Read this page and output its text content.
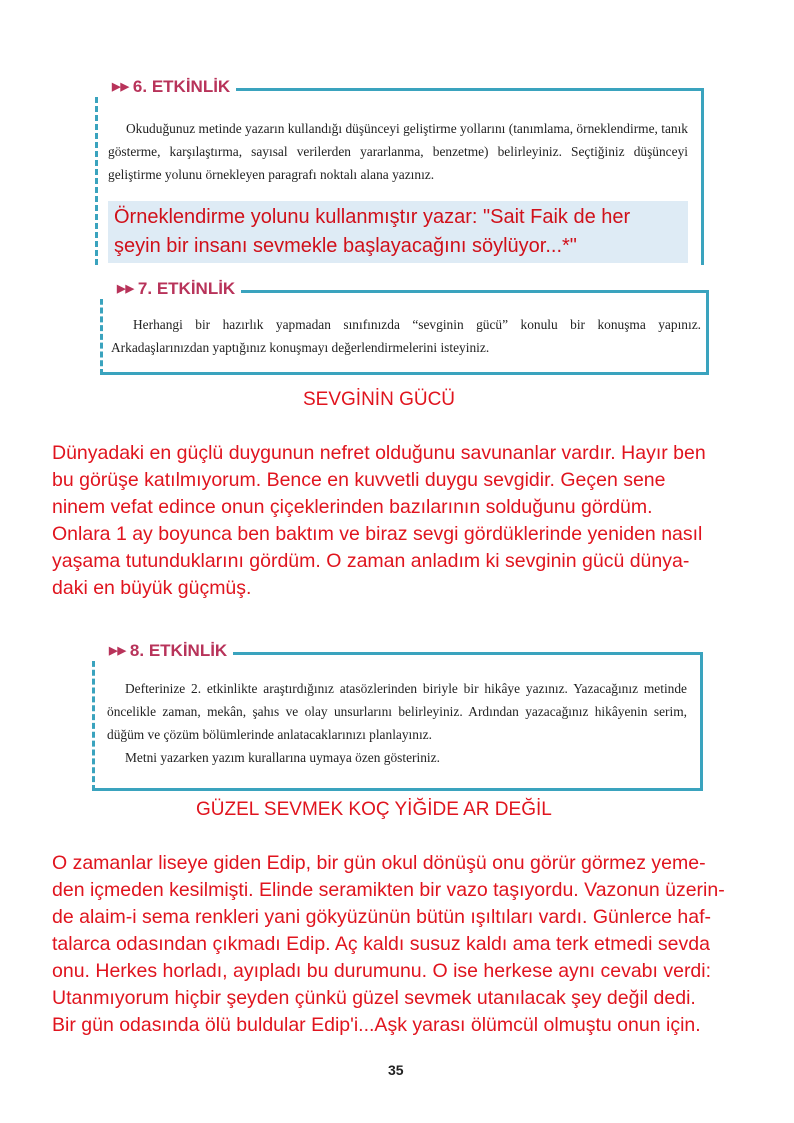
▶▶ 6. ETKİNLİK
Okuduğunuz metinde yazarın kullandığı düşünceyi geliştirme yollarını (tanımlama, örneklendirme, tanık gösterme, karşılaştırma, sayısal verilerden yararlanma, benzetme) belirleyiniz. Seçtiğiniz düşünceyi geliştirme yolunu örnekleyen paragrafı noktalı alana yazınız.
Örneklendirme yolunu kullanmıştır yazar: "Sait Faik de her şeyin bir insanı sevmekle başlayacağını söylüyor...*"
▶▶ 7. ETKİNLİK
Herhangi bir hazırlık yapmadan sınıfınızda “sevginin gücü” konulu bir konuşma yapınız. Arkadaşlarınızdan yaptığınız konuşmayı değerlendirmelerini isteyiniz.
SEVGİNİN GÜCÜ
Dünyadaki en güçlü duygunun nefret olduğunu savunanlar vardır. Hayır ben
bu görüşe katılmıyorum. Bence en kuvvetli duygu sevgidir. Geçen sene
ninem vefat edince onun çiçeklerinden bazılarının solduğunu gördüm.
Onlara 1 ay boyunca ben baktım ve biraz sevgi gördüklerinde yeniden nasıl
yaşama tutunduklarını gördüm. O zaman anladım ki sevginin gücü dünya-
daki en büyük güçmüş.
▶▶ 8. ETKİNLİK
Defterinize 2. etkinlikte araştırdığınız atasözlerinden biriyle bir hikâye yazınız. Yazacağınız metinde öncelikle zaman, mekân, şahıs ve olay unsurlarını belirleyiniz. Ardından yazacağınız hikâyenin serim, düğüm ve çözüm bölümlerinde anlatacaklarınızı planlayınız.
Metni yazarken yazım kurallarına uymaya özen gösteriniz.
GÜZEL SEVMEK KOÇ YİĞİDE AR DEĞİL
O zamanlar liseye giden Edip, bir gün okul dönüşü onu görür görmez yeme-
den içmeden kesilmişti. Elinde seramikten bir vazo taşıyordu. Vazonun üzerin-
de alaim-i sema renkleri yani gökyüzünün bütün ışıltıları vardı. Günlerce haf-
talarca odasından çıkmadı Edip. Aç kaldı susuz kaldı ama terk etmedi sevda
onu. Herkes horladı, ayıpladı bu durumunu. O ise herkese aynı cevabı verdi:
Utanmıyorum hiçbir şeyden çünkü güzel sevmek utanılacak şey değil dedi.
Bir gün odasında ölü buldular Edip'i...Aşk yarası ölümcül olmuştu onun için.
35
